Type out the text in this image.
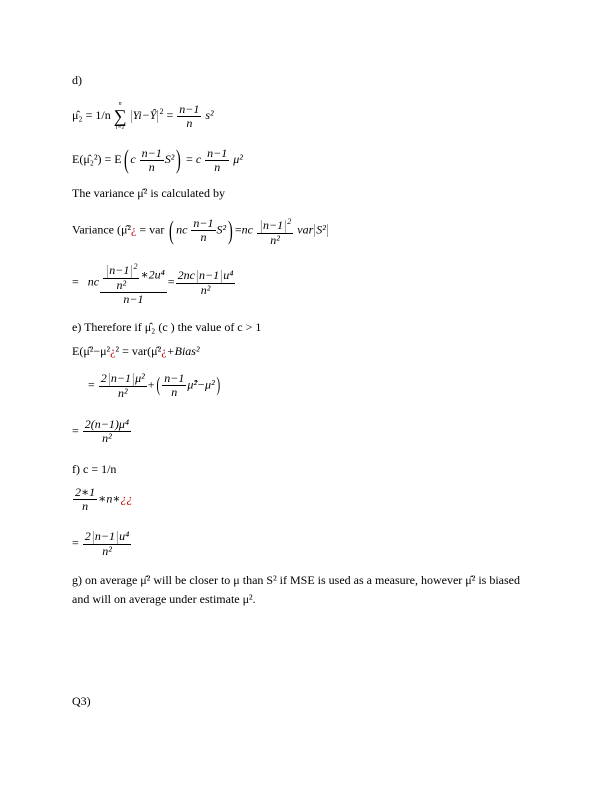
d)
μ̂₂ = 1/n
n
∑
i=1
$|Yi-Ŷ|^2 = \frac{n-1}{n} s^2$
E(μ̂₂²) = E( c $\frac{n-1}{n} S^2) = c \frac{n-1}{n} \mu^2$
The variance μ̂² is calculated by
Variance (μ̂²¿ = var ( nc $\frac{n-1}{n} S^2) =nc \frac{|n-1|^2}{\text{n²}} var|S^2|$
= nc $\frac{\frac{|n-1|^2}{\text{n²}} ∗2u^4}{n-1} = \frac{\text{2nc|n−1|u⁴}}{\text{n²}}$
e) Therefore if μ̂₂ (c ) the value of c > 1
E(μ̂²−μ²¿² = var(μ̂²¿+Bias²
= $\frac{\text{2|n−1|μ²}}{\text{n²}}$ +( $\frac{n-1}{n}$ μ̂²−μ²)
= $\frac{\text{2(n−1)μ⁴}}{\text{n²}}$
f) c = 1/n
$\frac{2∗1}{n}$ ∗n∗¿¿
= $\frac{\text{2|n−1|u⁴}}{\text{n²}}$
g) on average μ̂² will be closer to μ than S² if MSE is used as a measure, however μ̂² is biased
and will on average under estimate μ².
Q3)
